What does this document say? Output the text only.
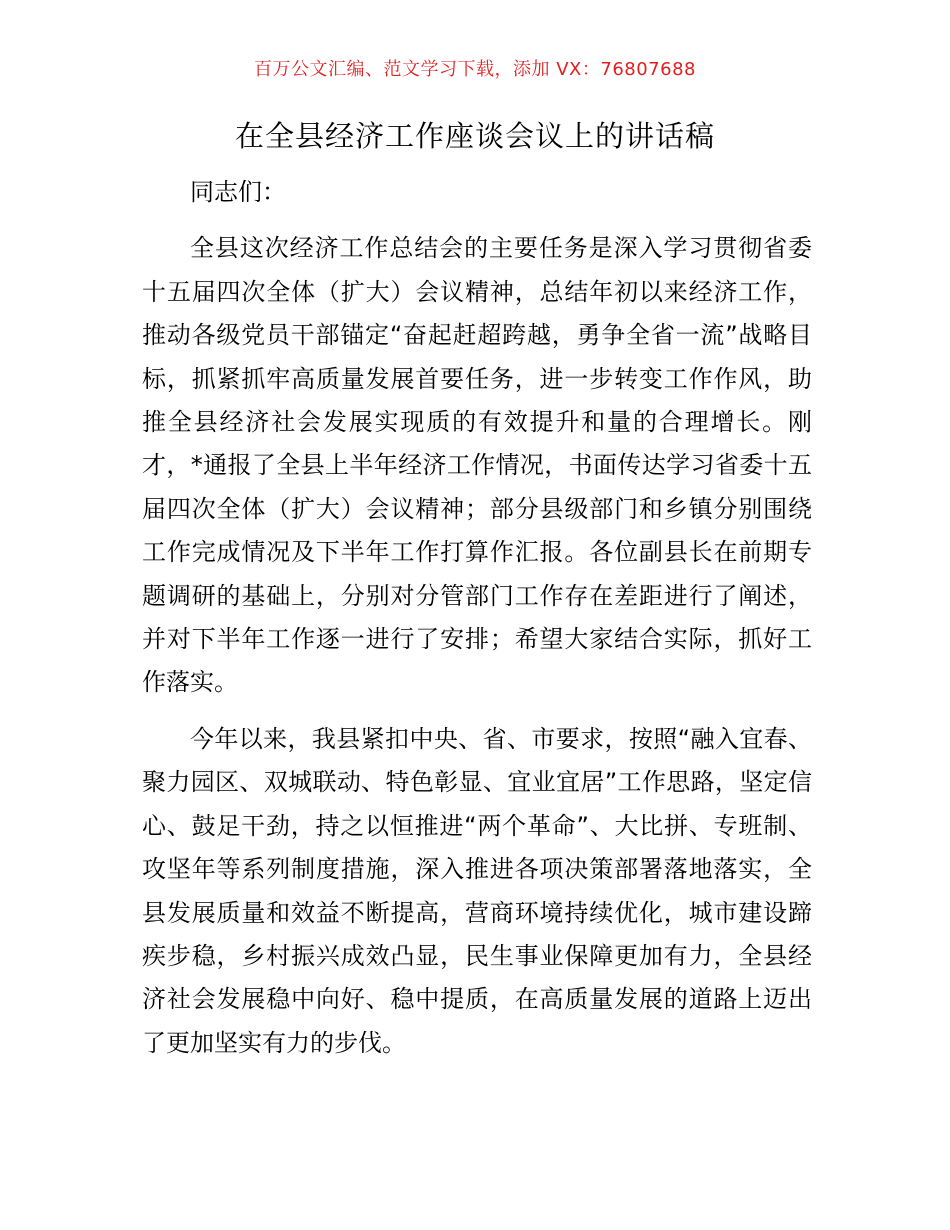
百万公文汇编、范文学习下载，添加 VX：76807688
在全县经济工作座谈会议上的讲话稿

同志们：

全县这次经济工作总结会的主要任务是深入学习贯彻省委十五届四次全体（扩大）会议精神，总结年初以来经济工作，推动各级党员干部锚定“奋起赶超跨越，勇争全省一流”战略目标，抓紧抓牢高质量发展首要任务，进一步转变工作作风，助推全县经济社会发展实现质的有效提升和量的合理增长。刚才，*通报了全县上半年经济工作情况，书面传达学习省委十五届四次全体（扩大）会议精神；部分县级部门和乡镇分别围绕工作完成情况及下半年工作打算作汇报。各位副县长在前期专题调研的基础上，分别对分管部门工作存在差距进行了阐述，并对下半年工作逐一进行了安排；希望大家结合实际，抓好工作落实。

今年以来，我县紧扣中央、省、市要求，按照“融入宜春、聚力园区、双城联动、特色彰显、宜业宜居”工作思路，坚定信心、鼓足干劲，持之以恒推进“两个革命”、大比拼、专班制、攻坚年等系列制度措施，深入推进各项决策部署落地落实，全县发展质量和效益不断提高，营商环境持续优化，城市建设蹄疾步稳，乡村振兴成效凸显，民生事业保障更加有力，全县经济社会发展稳中向好、稳中提质，在高质量发展的道路上迈出了更加坚实有力的步伐。
